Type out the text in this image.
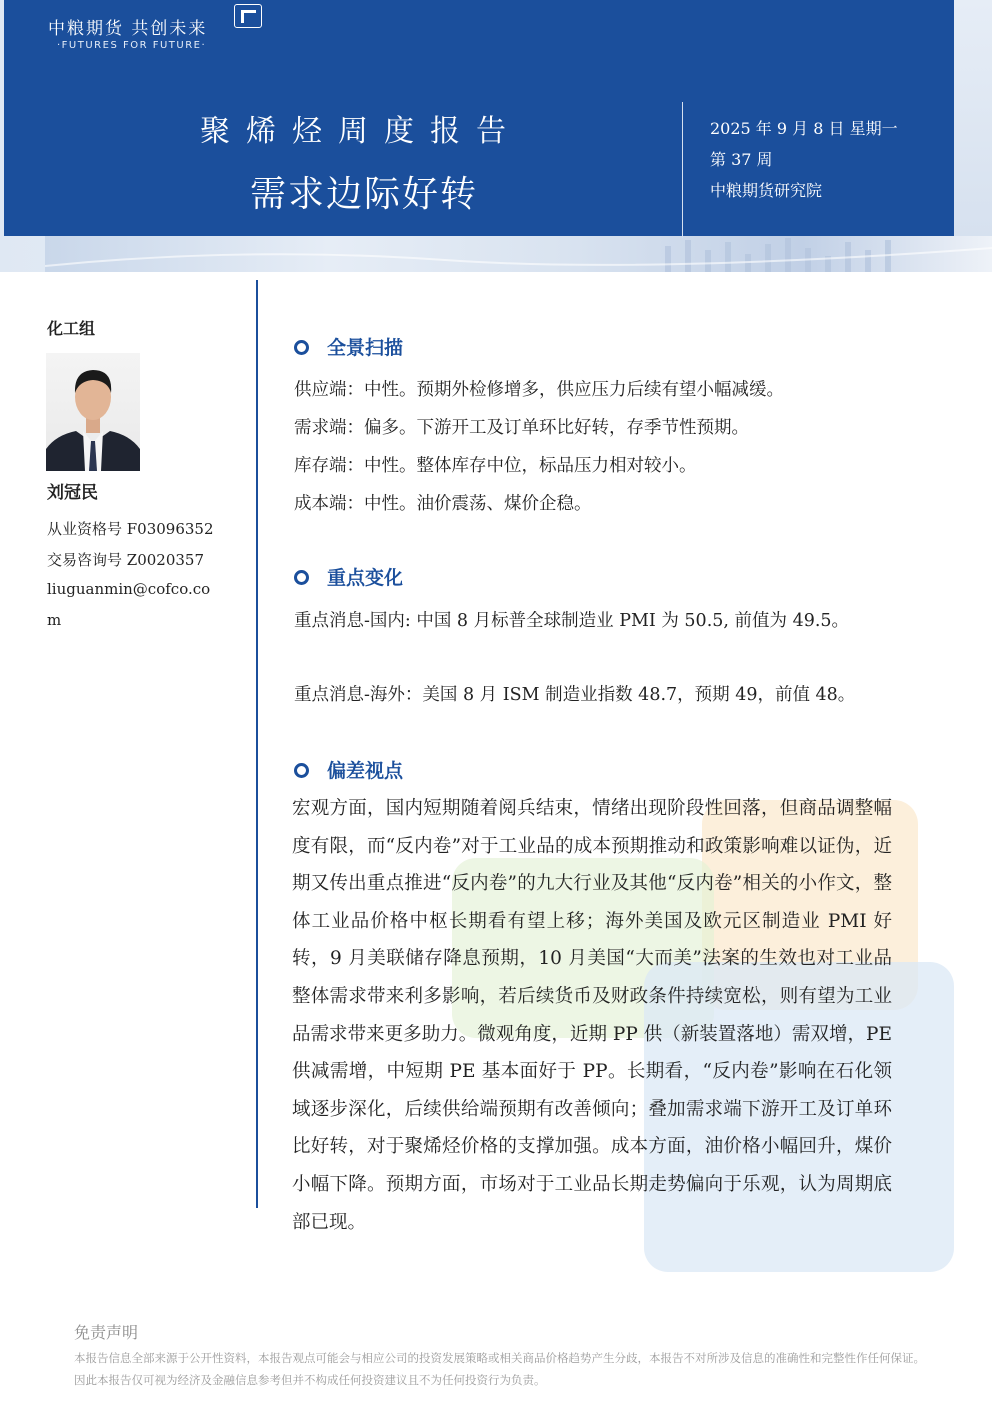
中粮期货 共创未来
·FUTURES FOR FUTURE·
聚烯烃周度报告
需求边际好转
2025 年 9 月 8 日 星期一
第 37 周
中粮期货研究院
化工组
刘冠民
从业资格号 F03096352
交易咨询号 Z0020357
liuguanmin@cofco.co
m
全景扫描
供应端：中性。预期外检修增多，供应压力后续有望小幅减缓。
需求端：偏多。下游开工及订单环比好转，存季节性预期。
库存端：中性。整体库存中位，标品压力相对较小。
成本端：中性。油价震荡、煤价企稳。
重点变化
重点消息-国内: 中国 8 月标普全球制造业 PMI 为 50.5, 前值为 49.5。
重点消息-海外：美国 8 月 ISM 制造业指数 48.7，预期 49，前值 48。
偏差视点
宏观方面，国内短期随着阅兵结束，情绪出现阶段性回落，但商品调整幅度有限，而“反内卷”对于工业品的成本预期推动和政策影响难以证伪，近期又传出重点推进“反内卷”的九大行业及其他“反内卷”相关的小作文，整体工业品价格中枢长期看有望上移；海外美国及欧元区制造业 PMI 好转，9 月美联储存降息预期，10 月美国“大而美”法案的生效也对工业品整体需求带来利多影响，若后续货币及财政条件持续宽松，则有望为工业品需求带来更多助力。微观角度，近期 PP 供（新装置落地）需双增，PE 供减需增，中短期 PE 基本面好于 PP。长期看，“反内卷”影响在石化领域逐步深化，后续供给端预期有改善倾向；叠加需求端下游开工及订单环比好转，对于聚烯烃价格的支撑加强。成本方面，油价格小幅回升，煤价小幅下降。预期方面，市场对于工业品长期走势偏向于乐观，认为周期底部已现。
免责声明
本报告信息全部来源于公开性资料，本报告观点可能会与相应公司的投资发展策略或相关商品价格趋势产生分歧，本报告不对所涉及信息的准确性和完整性作任何保证。因此本报告仅可视为经济及金融信息参考但并不构成任何投资建议且不为任何投资行为负责。
